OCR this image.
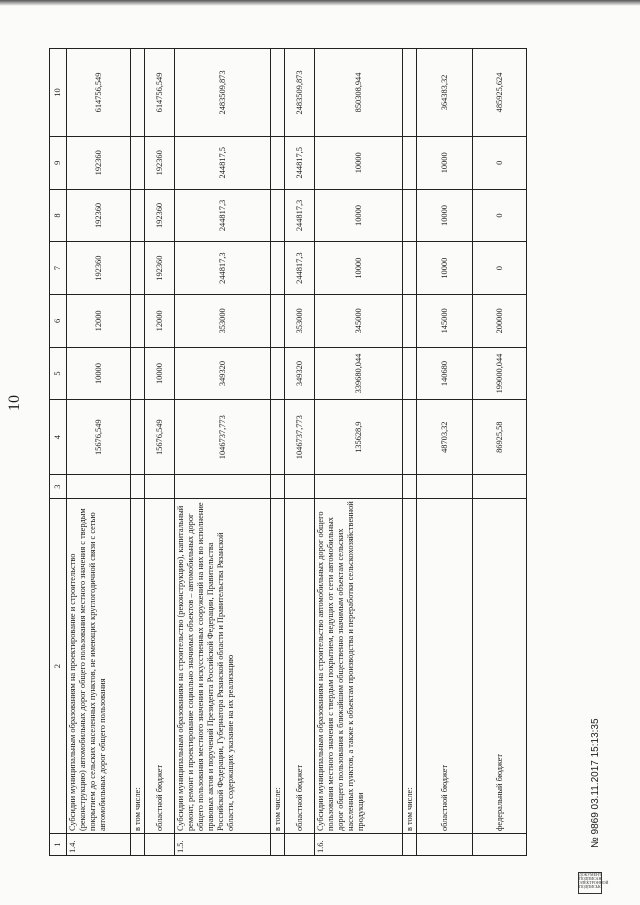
10
1	2	3	4	5	6	7	8	9	10
1.4.	Субсидии муниципальным образованиям на проектирование и строительство (реконструкцию) автомобильных дорог общего пользования местного значения с твердым покрытием до сельских населенных пунктов, не имеющих круглогодичной связи с сетью автомобильных дорог общего пользования		15676,549	10000	12000	192360	192360	192360	614756,549
	в том числе:								
	областной бюджет		15676,549	10000	12000	192360	192360	192360	614756,549
1.5.	Субсидии муниципальным образованиям на строительство (реконструкцию), капитальный ремонт, ремонт и проектирование социально значимых объектов – автомобильных дорог общего пользования местного значения и искусственных сооружений на них во исполнение правовых актов и поручений Президента Российской Федерации, Правительства Российской Федерации, Губернатора Рязанской области и Правительства Рязанской области, содержащих указание на их реализацию		1046737,773	349320	353000	244817,3	244817,3	244817,5	2483509,873
	в том числе:								
	областной бюджет		1046737,773	349320	353000	244817,3	244817,3	244817,5	2483509,873
1.6.	Субсидии муниципальным образованиям на строительство автомобильных дорог общего пользования местного значения с твердым покрытием, ведущих от сети автомобильных дорог общего пользования к ближайшим общественно значимым объектам сельских населенных пунктов, а также к объектам производства и переработки сельскохозяйственной продукции		135628,9	339680,044	345000	10000	10000	10000	850308,944
	в том числе:								
	областной бюджет		48703,32	140680	145000	10000	10000	10000	364383,32
	федеральный бюджет		86925,58	199000,044	200000	0	0	0	485925,624
№ 9869 03.11.2017 15:13:35
ДОКУМЕНТ ПОДПИСАН ЭЛЕКТРОННОЙ ПОДПИСЬЮ
